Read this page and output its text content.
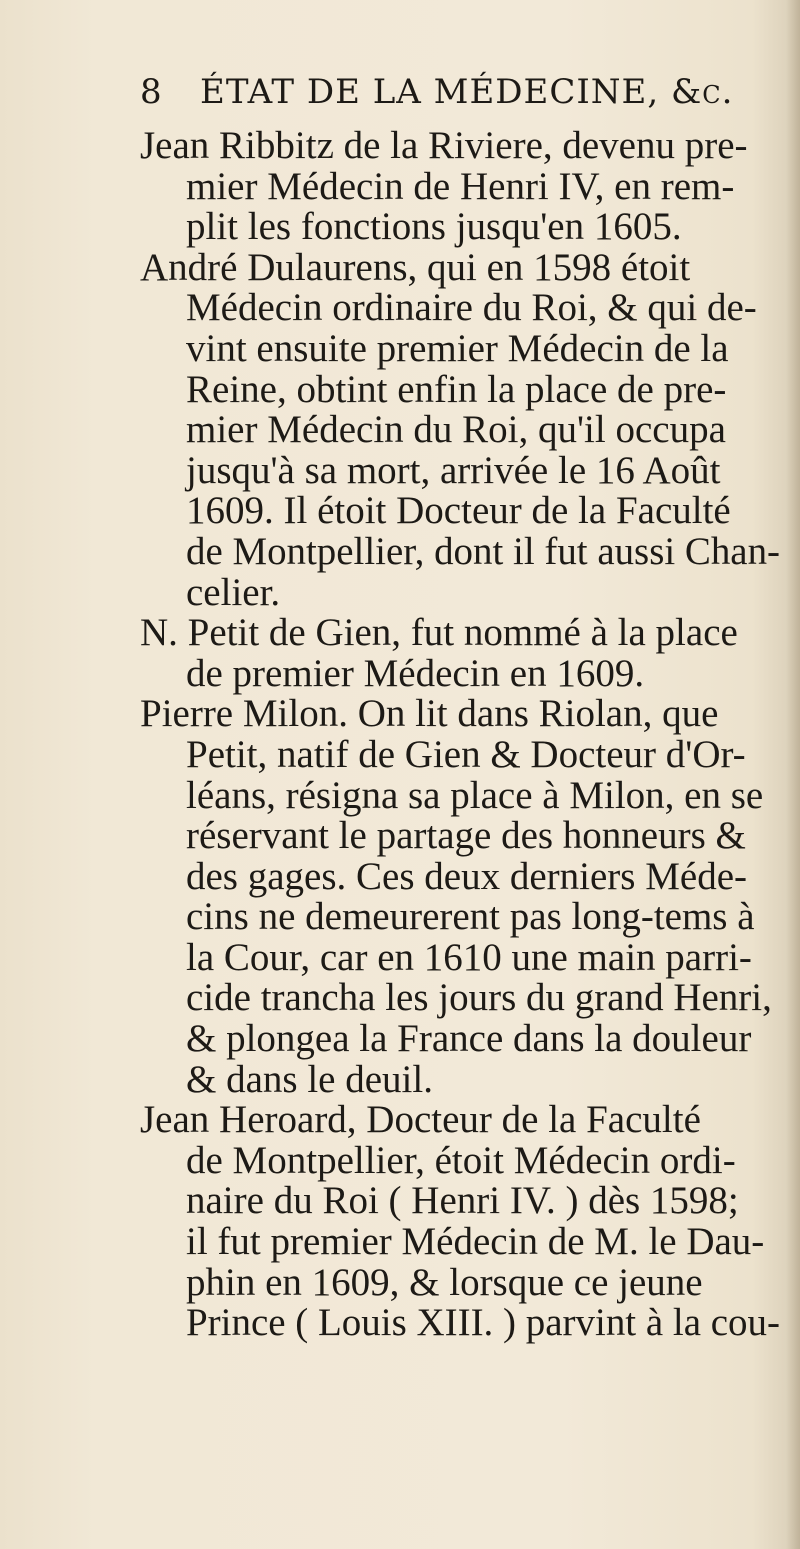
8 ÉTAT DE LA MÉDECINE, &c.
Jean Ribbitz de la Riviere, devenu pre-
mier Médecin de Henri IV, en rem-
plit les fonctions jusqu'en 1605.
André Dulaurens, qui en 1598 étoit
Médecin ordinaire du Roi, & qui de-
vint ensuite premier Médecin de la
Reine, obtint enfin la place de pre-
mier Médecin du Roi, qu'il occupa
jusqu'à sa mort, arrivée le 16 Août
1609. Il étoit Docteur de la Faculté
de Montpellier, dont il fut aussi Chan-
celier.
N. Petit de Gien, fut nommé à la place
de premier Médecin en 1609.
Pierre Milon. On lit dans Riolan, que
Petit, natif de Gien & Docteur d'Or-
léans, résigna sa place à Milon, en se
réservant le partage des honneurs &
des gages. Ces deux derniers Méde-
cins ne demeurerent pas long-tems à
la Cour, car en 1610 une main parri-
cide trancha les jours du grand Henri,
& plongea la France dans la douleur
& dans le deuil.
Jean Heroard, Docteur de la Faculté
de Montpellier, étoit Médecin ordi-
naire du Roi ( Henri IV. ) dès 1598;
il fut premier Médecin de M. le Dau-
phin en 1609, & lorsque ce jeune
Prince ( Louis XIII. ) parvint à la cou-
